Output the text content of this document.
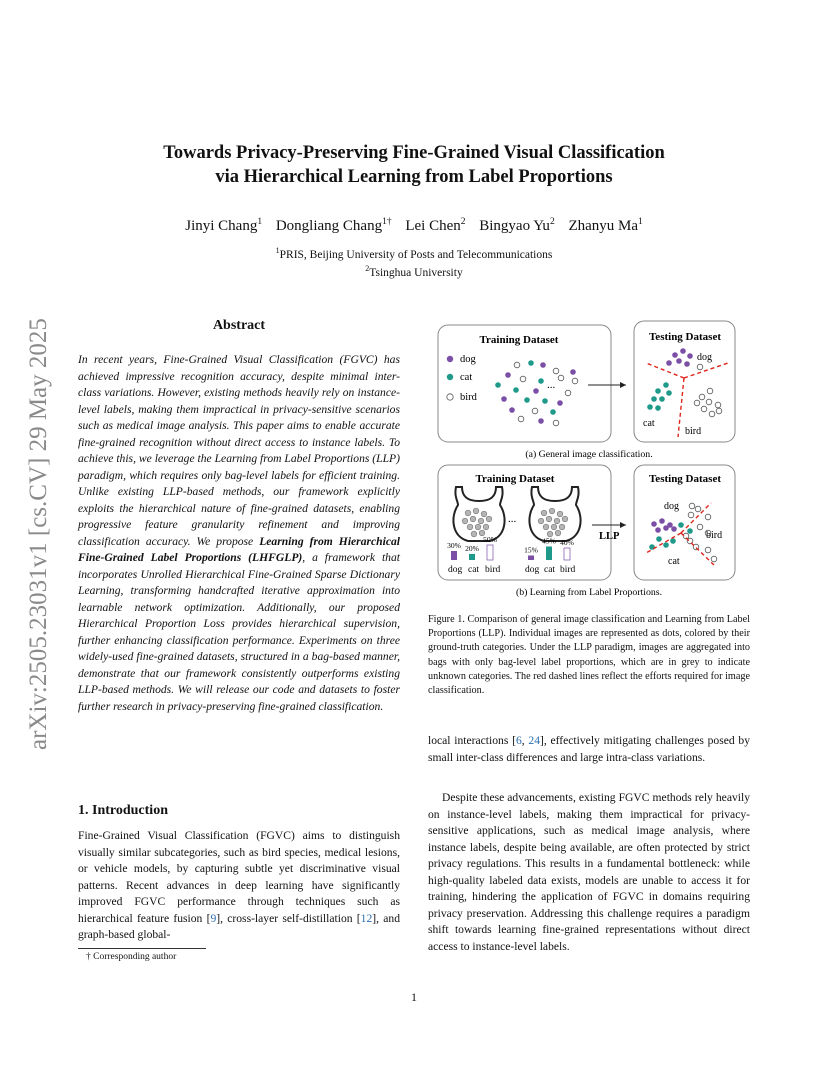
arXiv:2505.23031v1 [cs.CV] 29 May 2025
Towards Privacy-Preserving Fine-Grained Visual Classification
via Hierarchical Learning from Label Proportions
Jinyi Chang$^1$ Dongliang Chang$^{1\dagger}$ Lei Chen$^2$ Bingyao Yu$^2$ Zhanyu Ma$^1$
$^1$PRIS, Beijing University of Posts and Telecommunications
$^2$Tsinghua University
Abstract

In recent years, Fine-Grained Visual Classification (FGVC) has achieved impressive recognition accuracy, despite minimal inter-class variations. However, existing methods heavily rely on instance-level labels, making them impractical in privacy-sensitive scenarios such as medical image analysis. This paper aims to enable accurate fine-grained recognition without direct access to instance labels. To achieve this, we leverage the Learning from Label Proportions (LLP) paradigm, which requires only bag-level labels for efficient training. Unlike existing LLP-based methods, our framework explicitly exploits the hierarchical nature of fine-grained datasets, enabling progressive feature granularity refinement and improving classification accuracy. We propose Learning from Hierarchical Fine-Grained Label Proportions (LHFGLP), a framework that incorporates Unrolled Hierarchical Fine-Grained Sparse Dictionary Learning, transforming handcrafted iterative approximation into learnable network optimization. Additionally, our proposed Hierarchical Proportion Loss provides hierarchical supervision, further enhancing classification performance. Experiments on three widely-used fine-grained datasets, structured in a bag-based manner, demonstrate that our framework consistently outperforms existing LLP-based methods. We will release our code and datasets to foster further research in privacy-preserving fine-grained classification.

1. Introduction

Fine-Grained Visual Classification (FGVC) aims to distinguish visually similar subcategories, such as bird species, medical lesions, or vehicle models, by capturing subtle yet discriminative visual patterns. Recent advances in deep learning have significantly improved FGVC performance through techniques such as hierarchical feature fusion [9], cross-layer self-distillation [12], and graph-based global-

† Corresponding author
Training Dataset	Testing Dataset
dog
cat
bird
...
dog
cat
bird
(a) General image classification.
Training Dataset	Testing Dataset
...
30% 20%
50%
15%
45% 40%
dog cat bird	dog cat bird
LLP
dog
bird
cat
(b) Learning from Label Proportions.
Figure 1. Comparison of general image classification and Learning from Label Proportions (LLP). Individual images are represented as dots, colored by their ground-truth categories. Under the LLP paradigm, images are aggregated into bags with only bag-level label proportions, which are in grey to indicate unknown categories. The red dashed lines reflect the efforts required for image classification.

local interactions [6, 24], effectively mitigating challenges posed by small inter-class differences and large intra-class variations.

Despite these advancements, existing FGVC methods rely heavily on instance-level labels, making them impractical for privacy-sensitive applications, such as medical image analysis, where instance labels, despite being available, are often protected by strict privacy regulations. This results in a fundamental bottleneck: while high-quality labeled data exists, models are unable to access it for training, hindering the application of FGVC in domains requiring privacy preservation. Addressing this challenge requires a paradigm shift towards learning fine-grained representations without direct access to instance-level labels.

1
